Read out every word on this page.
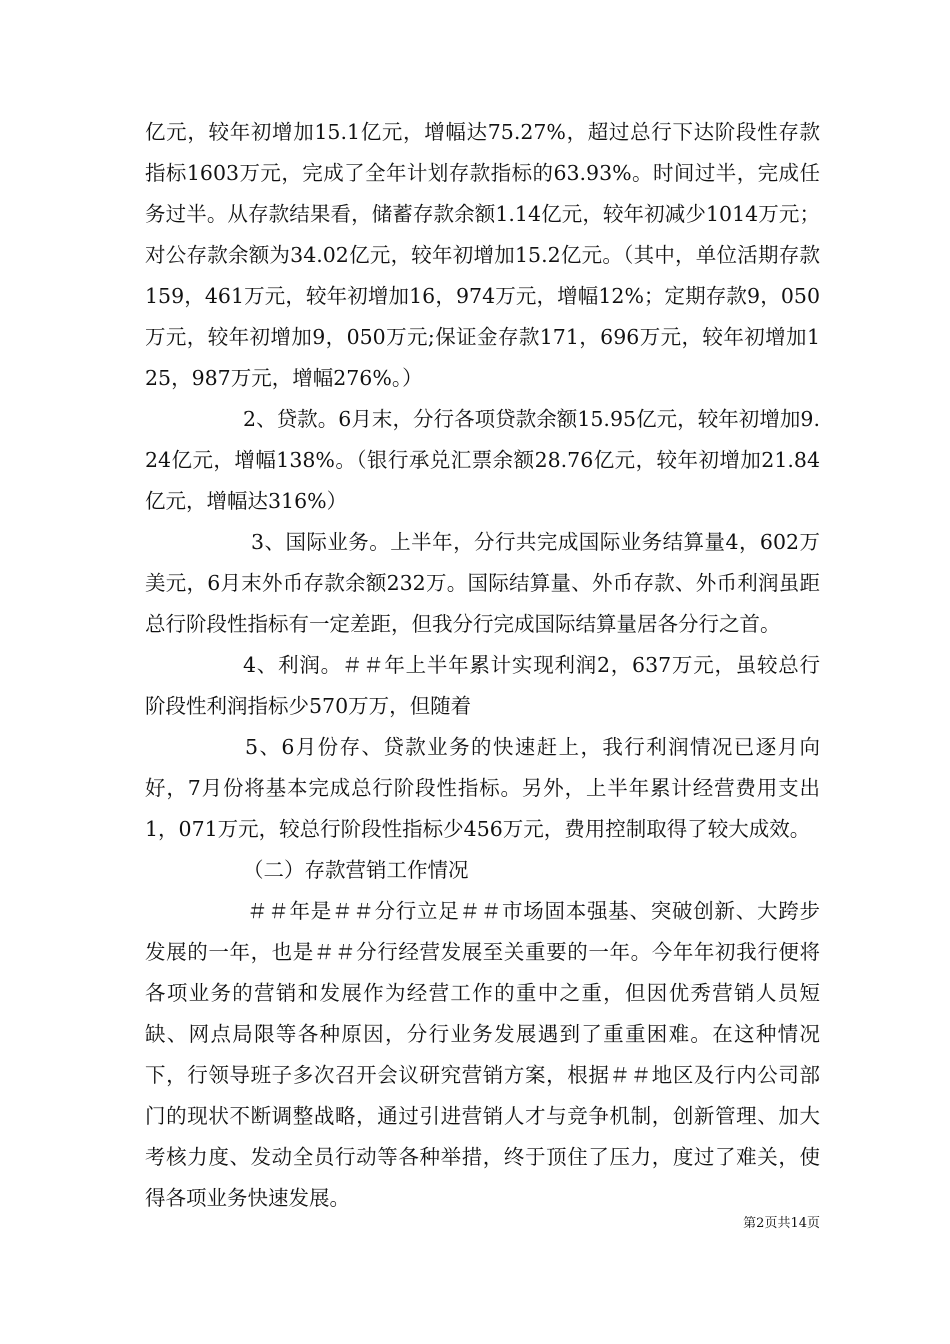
亿元，较年初增加15.1亿元，增幅达75.27%，超过总行下达阶段性存款指标1603万元，完成了全年计划存款指标的63.93%。时间过半，完成任务过半。从存款结果看，储蓄存款余额1.14亿元，较年初减少1014万元；对公存款余额为34.02亿元，较年初增加15.2亿元。（其中，单位活期存款159，461万元，较年初增加16，974万元，增幅12%；定期存款9，050万元，较年初增加9，050万元;保证金存款171，696万元，较年初增加125，987万元，增幅276%。）

2、贷款。6月末，分行各项贷款余额15.95亿元，较年初增加9.24亿元，增幅138%。（银行承兑汇票余额28.76亿元，较年初增加21.84亿元，增幅达316%）

3、国际业务。上半年，分行共完成国际业务结算量4，602万美元，6月末外币存款余额232万。国际结算量、外币存款、外币利润虽距总行阶段性指标有一定差距，但我分行完成国际结算量居各分行之首。

4、利润。＃＃年上半年累计实现利润2，637万元，虽较总行阶段性利润指标少570万万，但随着

5、6月份存、贷款业务的快速赶上，我行利润情况已逐月向好，7月份将基本完成总行阶段性指标。另外，上半年累计经营费用支出1，071万元，较总行阶段性指标少456万元，费用控制取得了较大成效。

（二）存款营销工作情况

＃＃年是＃＃分行立足＃＃市场固本强基、突破创新、大跨步发展的一年，也是＃＃分行经营发展至关重要的一年。今年年初我行便将各项业务的营销和发展作为经营工作的重中之重，但因优秀营销人员短缺、网点局限等各种原因，分行业务发展遇到了重重困难。在这种情况下，行领导班子多次召开会议研究营销方案，根据＃＃地区及行内公司部门的现状不断调整战略，通过引进营销人才与竞争机制，创新管理、加大考核力度、发动全员行动等各种举措，终于顶住了压力，度过了难关，使得各项业务快速发展。

第2页共14页
